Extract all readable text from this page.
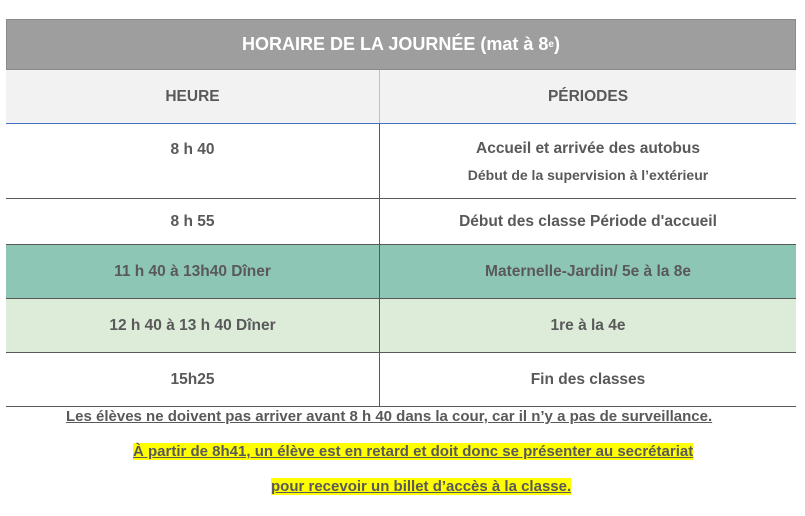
HORAIRE DE LA JOURNÉE (mat à 8 e )
HEURE	PÉRIODES
8 h 40	Accueil et arrivée des autobus
Début de la supervision à l’extérieur
8 h 55	Début des classe Période d'accueil
11 h 40 à 13h40 Dîner	Maternelle-Jardin/ 5e à la 8e
12 h 40 à 13 h 40 Dîner	1re à la 4e
15h25	Fin des classes
Les élèves ne doivent pas arriver avant 8 h 40 dans la cour, car il n’y a pas de surveillance.
À partir de 8h41, un élève est en retard et doit donc se présenter au secrétariat
pour recevoir un billet d’accès à la classe.
